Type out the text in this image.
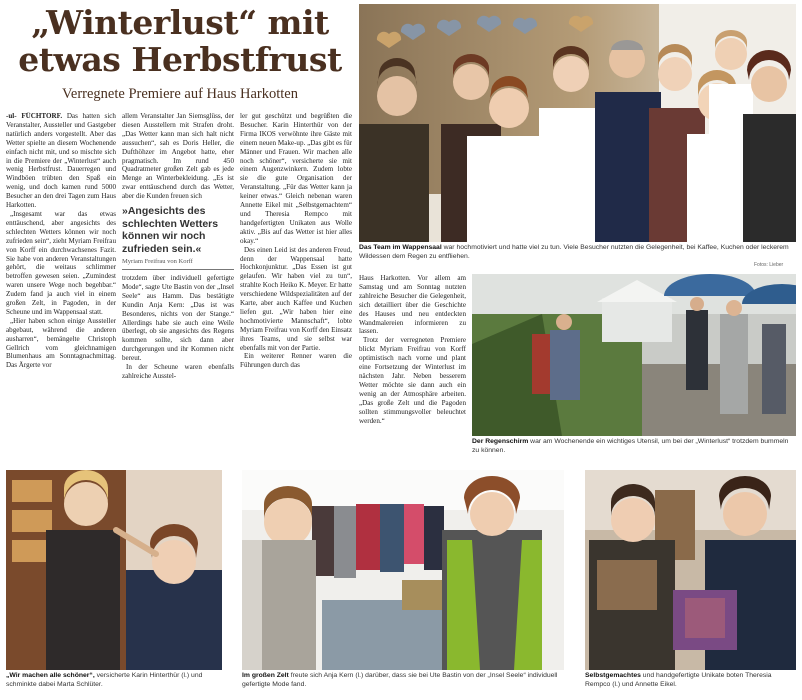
„Winterlust“ mit
etwas Herbstfrust
Verregnete Premiere auf Haus Harkotten

-ul- FÜCHTORF. Das hatten sich Veranstalter, Aussteller und Gastgeber natürlich anders vorgestellt. Aber das Wetter spielte an diesem Wochenende einfach nicht mit, und so mischte sich in die Premiere der „Winterlust“ auch wenig Herbstfrust. Dauerregen und Windböen trübten den Spaß ein wenig, und doch kamen rund 5000 Besucher an den drei Tagen zum Haus Harkotten.

„Insgesamt war das etwas enttäuschend, aber angesichts des schlechten Wetters können wir noch zufrieden sein“, zieht Myriam Freifrau von Korff ein durchwachsenes Fazit. Sie habe von anderen Veranstaltungen gehört, die weitaus schlimmer betroffen gewesen seien. „Zumindest waren unsere Wege noch begehbar.“ Zudem fand ja auch viel in einem großen Zelt, in Pagoden, in der Scheune und im Wappensaal statt.

„Hier haben schon einige Aussteller abgebaut, während die anderen ausharren“, bemängelte Christoph Gellrich vom gleichnamigen Blumenhaus am Sonntagnachmittag. Das Ärgerte vor

allem Veranstalter Jan Siemsglüss, der diesen Ausstellern mit Strafen droht. „Das Wetter kann man sich halt nicht aussuchen“, sah es Doris Heller, die Dufthöhzer im Angebot hatte, eher pragmatisch. Im rund 450 Quadratmeter großen Zelt gab es jede Menge an Winterbekleidung. „Es ist zwar enttäuschend durch das Wetter, aber die Kunden freuen sich

»Angesichts des schlechten Wetters können wir noch zufrieden sein.«
Myriam Freifrau von Korff

trotzdem über individuell gefertigte Mode“, sagte Ute Bastin von der „Insel Seele“ aus Hamm. Das bestätigte Kundin Anja Kern: „Das ist was Besonderes, nichts von der Stange.“ Allerdings habe sie auch eine Weile überlegt, ob sie angesichts des Regens kommen sollte, sich dann aber durchgerungen und ihr Kommen nicht bereut.

In der Scheune waren ebenfalls zahlreiche Ausstel-

ler gut geschützt und begrüßten die Besucher. Karin Hinterthür von der Firma IKOS verwöhnte ihre Gäste mit einem neuen Make-up. „Das gibt es für Männer und Frauen. Wir machen alle noch schöner“, versicherte sie mit einem Augenzwinkern. Zudem lobte sie die gute Organisation der Veranstaltung. „Für das Wetter kann ja keiner etwas.“ Gleich nebenan waren Annette Eikel mit „Selbstgemachtem“ und Theresia Rempco mit handgefertigten Unikaten aus Wolle aktiv. „Bis auf das Wetter ist hier alles okay.“

Des einen Leid ist des anderen Freud, denn der Wappensaal hatte Hochkonjunktur. „Das Essen ist gut gelaufen. Wir haben viel zu tun“, strahlte Koch Heiko K. Meyer. Er hatte verschiedene Wildspezialitäten auf der Karte, aber auch Kaffee und Kuchen liefen gut. „Wir haben hier eine hochmotivierte Mannschaft“, lobte Myriam Freifrau von Korff den Einsatz ihres Teams, und sie selbst war ebenfalls mit von der Partie.

Ein weiterer Renner waren die Führungen durch das

Haus Harkotten. Vor allem am Samstag und am Sonntag nutzten zahlreiche Besucher die Gelegenheit, sich detailliert über die Geschichte des Hauses und neu entdeckten Wandmalereien informieren zu lassen.

Trotz der verregneten Premiere blickt Myriam Freifrau von Korff optimistisch nach vorne und plant eine Fortsetzung der Winterlust im nächsten Jahr. Neben besserem Wetter möchte sie dann auch ein wenig an der Atmosphäre arbeiten. „Das große Zelt und die Pagoden sollten stimmungsvoller beleuchtet werden.“

Das Team im Wappensaal war hochmotiviert und hatte viel zu tun. Viele Besucher nutzten die Gelegenheit, bei Kaffee, Kuchen oder leckerem Wildessen dem Regen zu entfliehen.
Fotos: Lieber
Der Regenschirm war am Wochenende ein wichtiges Utensil, um bei der „Winterlust“ trotzdem bummeln zu können.
„Wir machen alle schöner“, versicherte Karin Hinterthür (l.) und schminkte dabei Marta Schlüter.
Im großen Zelt freute sich Anja Kern (l.) darüber, dass sie bei Ute Bastin von der „Insel Seele“ individuell gefertigte Mode fand.
Selbstgemachtes und handgefertigte Unikate boten Theresia Rempco (l.) und Annette Eikel.
